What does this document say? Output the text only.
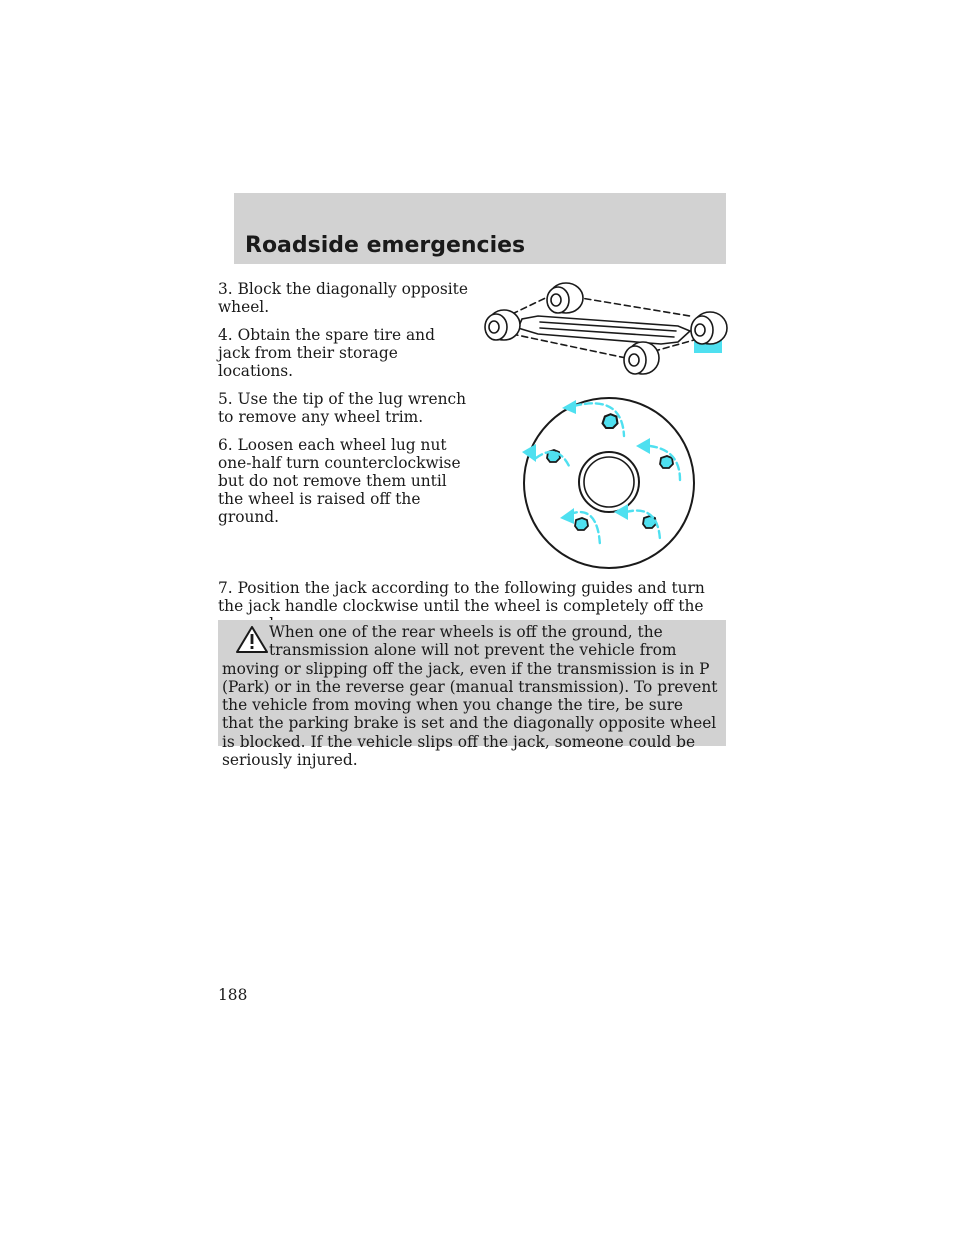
Roadside emergencies

3. Block the diagonally opposite wheel.

4. Obtain the spare tire and jack from their storage locations.

5. Use the tip of the lug wrench to remove any wheel trim.

6. Loosen each wheel lug nut one-half turn counterclockwise but do not remove them until the wheel is raised off the ground.

7. Position the jack according to the following guides and turn the jack handle clockwise until the wheel is completely off the

When one of the rear wheels is off the ground, the transmission alone will not prevent the vehicle from moving or slipping off the jack, even if the transmission is in P (Park) or in the reverse gear (manual transmission). To prevent the vehicle from moving when you change the tire, be sure that the parking brake is set and the diagonally opposite wheel is blocked. If the vehicle slips off the jack, someone could be seriously injured.

188
